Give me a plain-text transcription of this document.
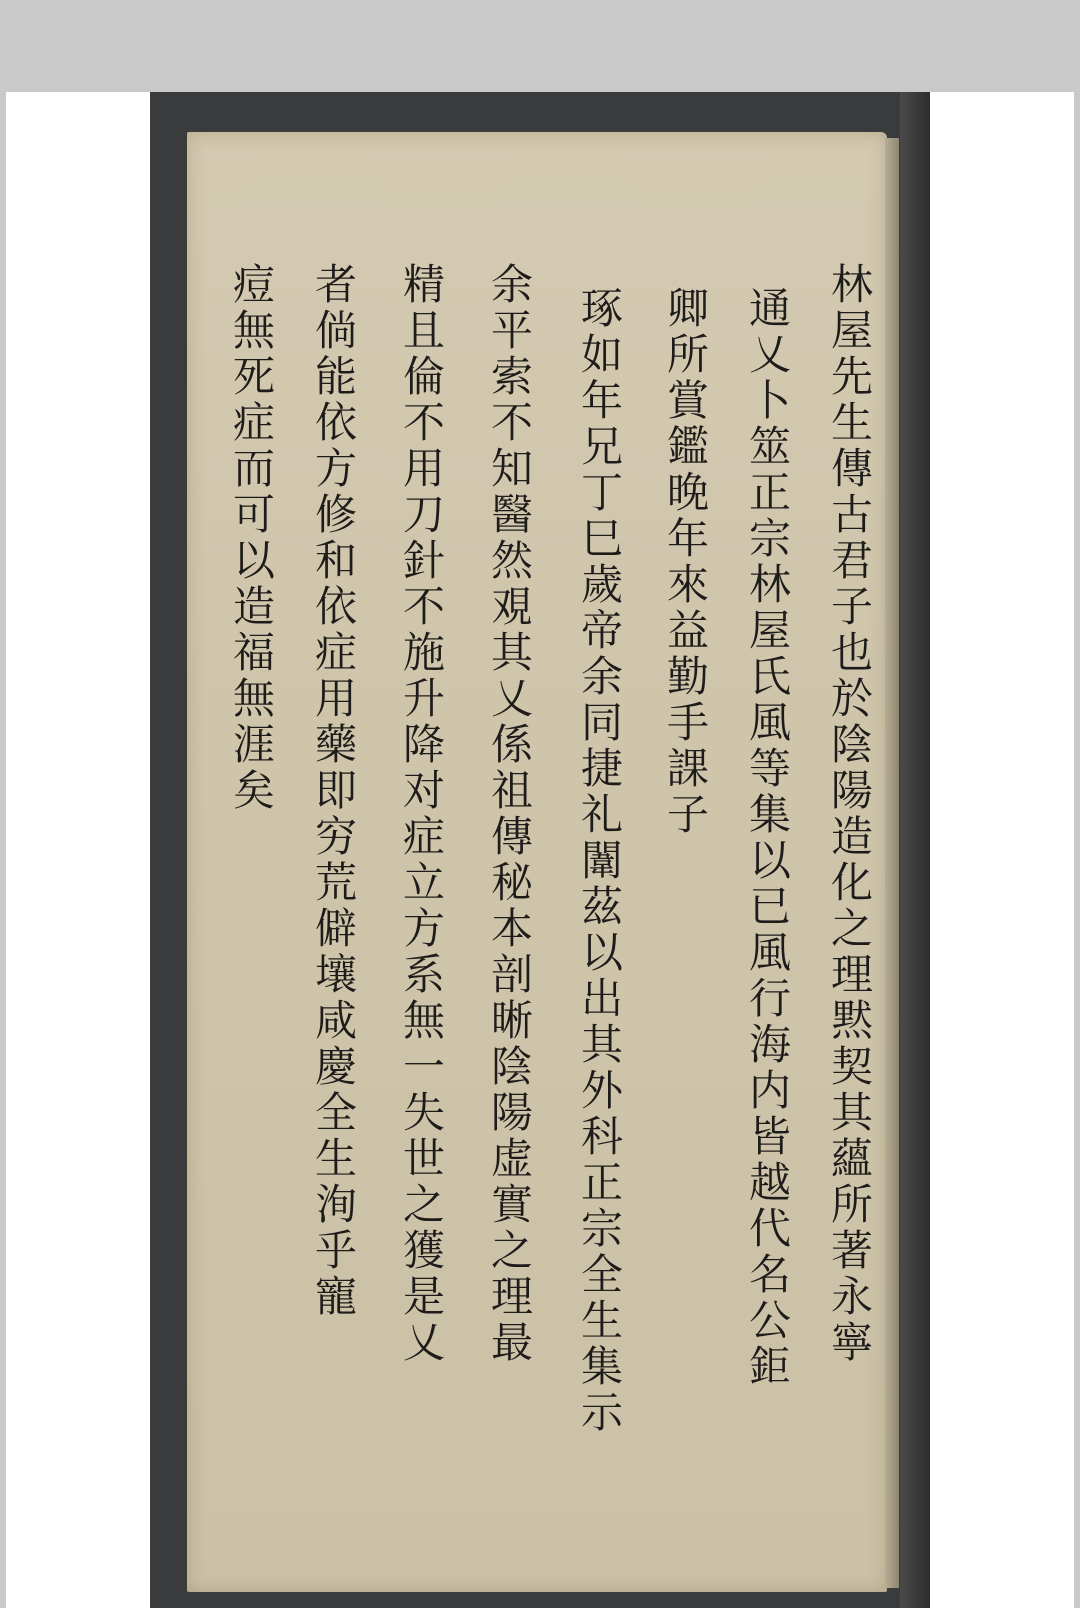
林屋先生傳古君子也於陰陽造化之理黙契其蘊所著永寧
通乂卜筮正宗林屋氏風等集以已風行海内皆越代名公鉅
卿所賞鑑晚年來益勤手課子
琢如年兄丁巳歲帝余同捷礼闈茲以出其外科正宗全生集示
余平索不知醫然覌其乂係祖傳秘本剖晰陰陽虚實之理最
精且倫不用刀針不施升降对症立方系無一失世之獲是乂
者倘能依方修和依症用藥即穷荒僻壤咸慶全生洵乎寵
痘無死症而可以造福無涯矣
